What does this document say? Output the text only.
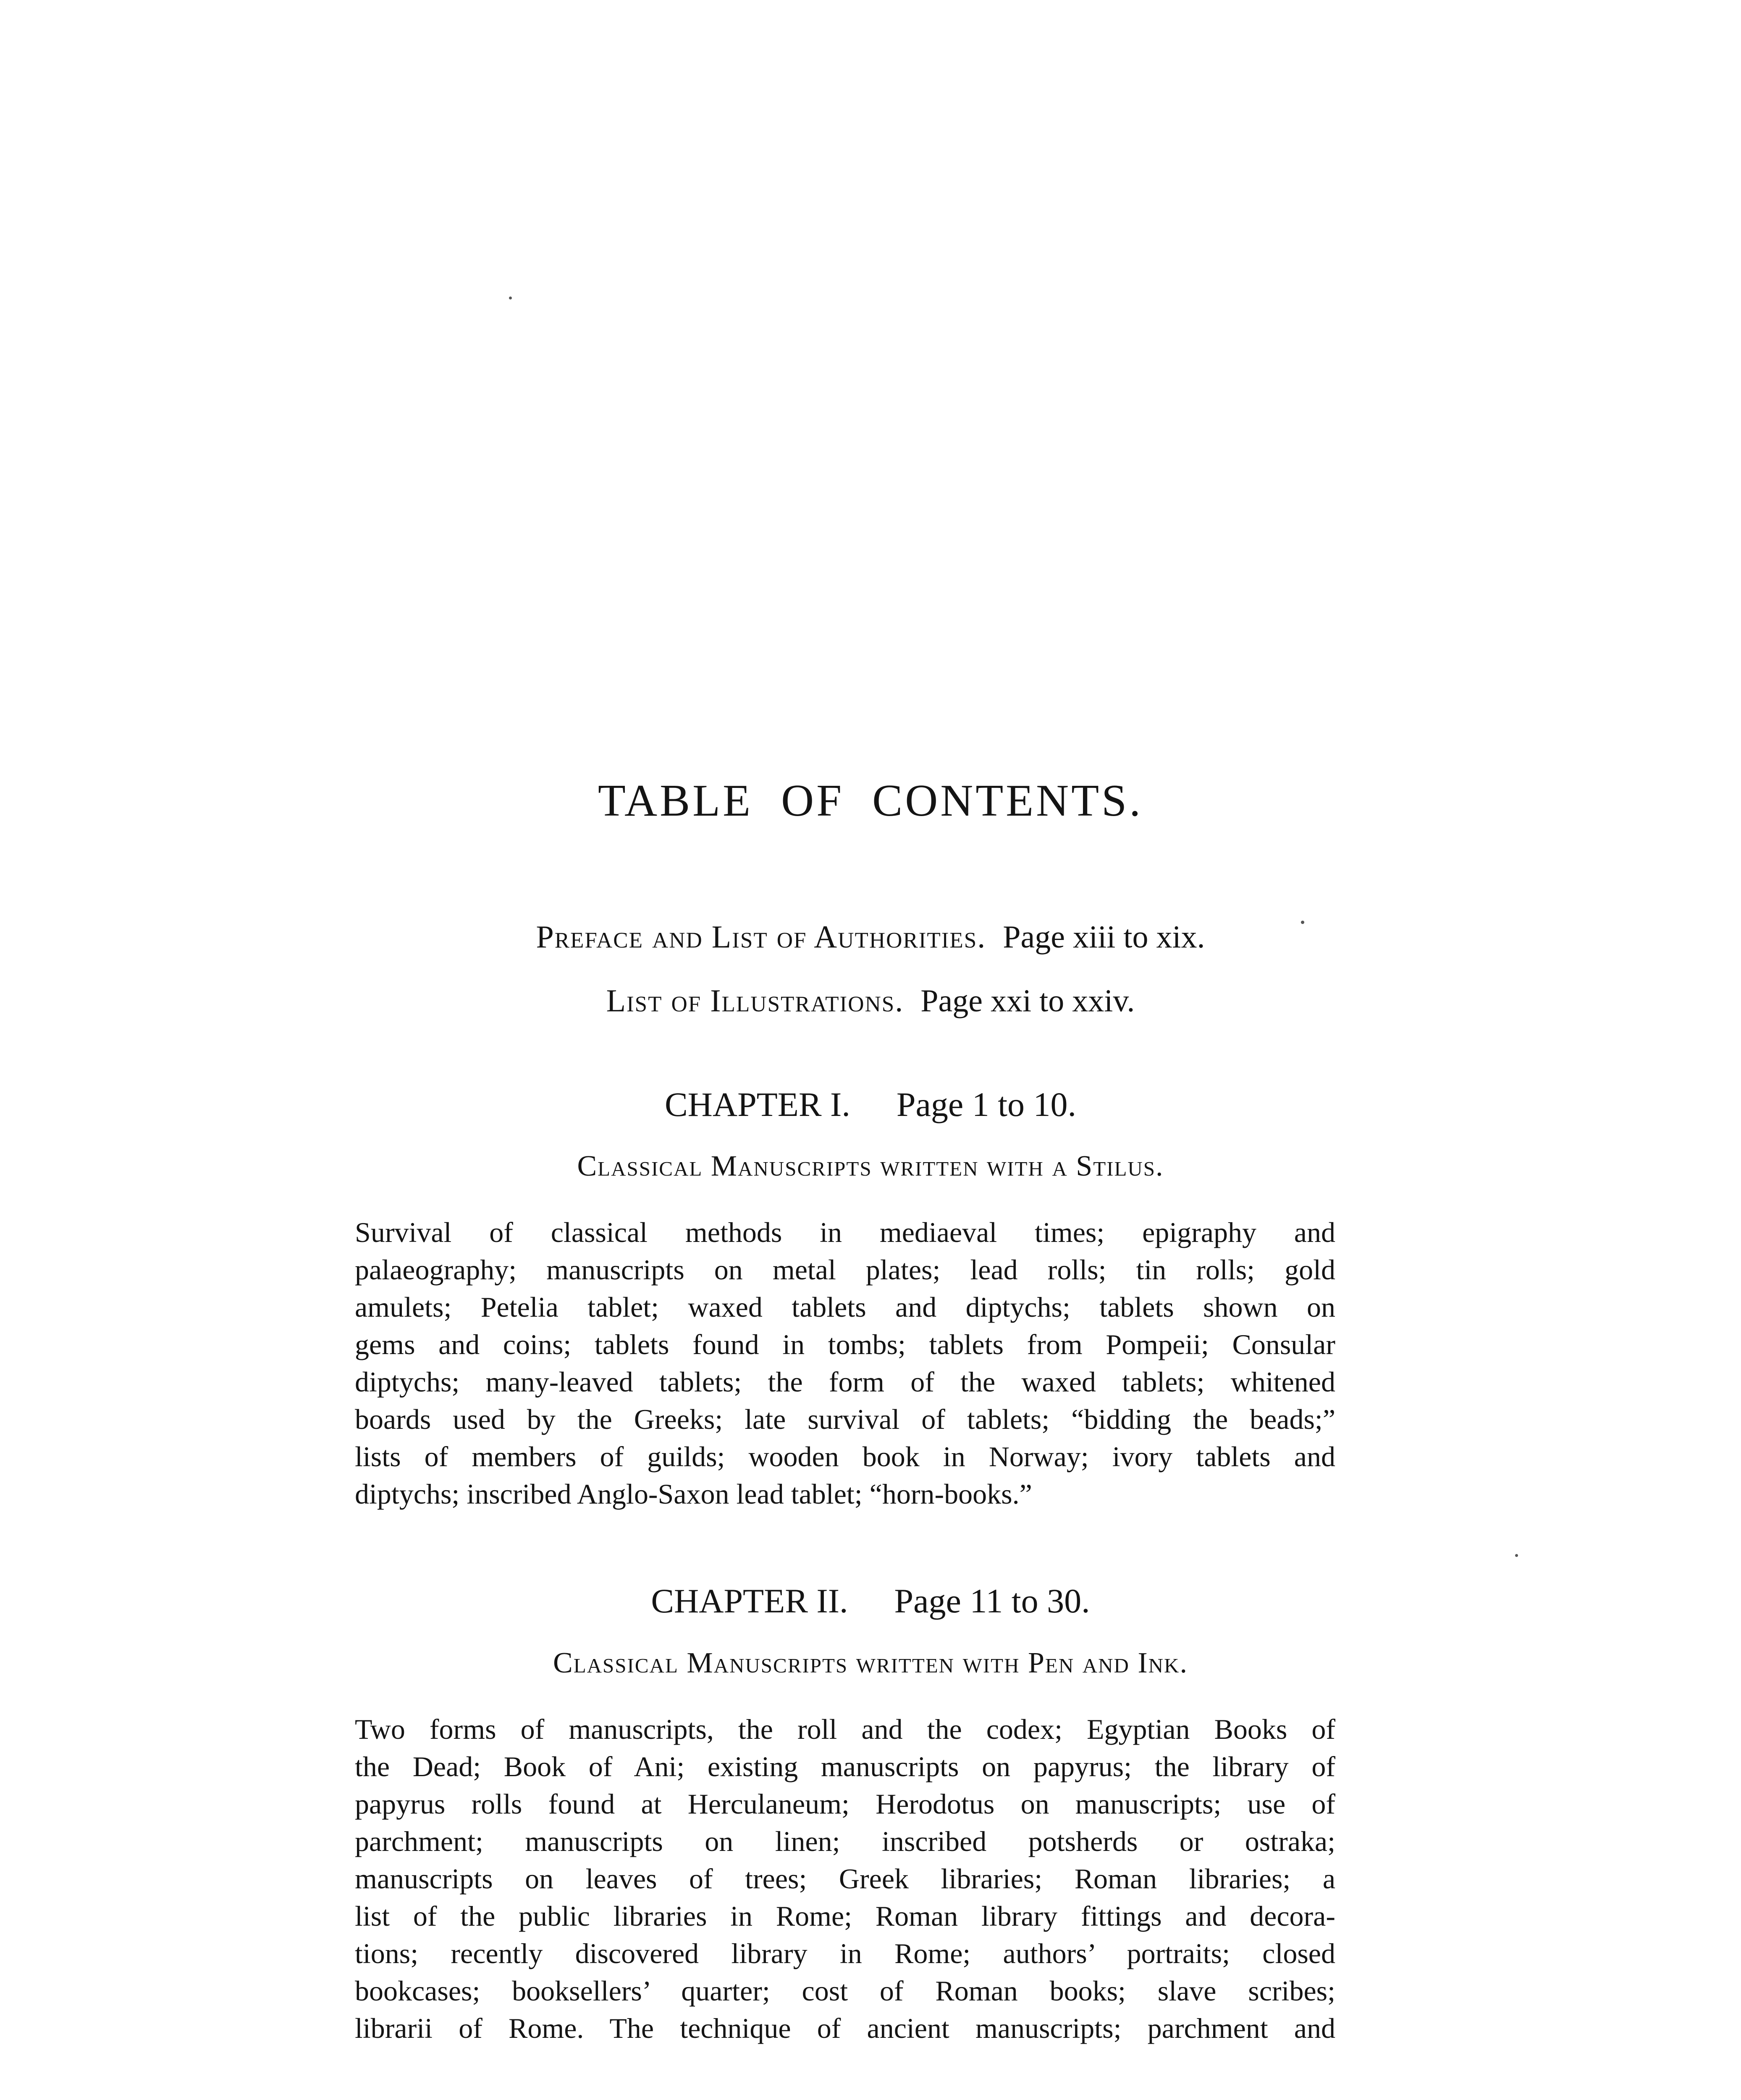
TABLE OF CONTENTS.
Preface and List of Authorities. Page xiii to xix.
List of Illustrations. Page xxi to xxiv.
CHAPTER I. Page 1 to 10.
Classical Manuscripts written with a Stilus.
Survival of classical methods in mediaeval times; epigraphy and
palaeography; manuscripts on metal plates; lead rolls; tin rolls; gold
amulets; Petelia tablet; waxed tablets and diptychs; tablets shown on
gems and coins; tablets found in tombs; tablets from Pompeii; Consular
diptychs; many-leaved tablets; the form of the waxed tablets; whitened
boards used by the Greeks; late survival of tablets; “bidding the beads;”
lists of members of guilds; wooden book in Norway; ivory tablets and
diptychs; inscribed Anglo-Saxon lead tablet; “horn-books.”
CHAPTER II. Page 11 to 30.
Classical Manuscripts written with Pen and Ink.
Two forms of manuscripts, the roll and the codex; Egyptian Books of
the Dead; Book of Ani; existing manuscripts on papyrus; the library of
papyrus rolls found at Herculaneum; Herodotus on manuscripts; use of
parchment; manuscripts on linen; inscribed potsherds or ostraka;
manuscripts on leaves of trees; Greek libraries; Roman libraries; a
list of the public libraries in Rome; Roman library fittings and decora-
tions; recently discovered library in Rome; authors’ portraits; closed
bookcases; booksellers’ quarter; cost of Roman books; slave scribes;
librarii of Rome. The technique of ancient manuscripts; parchment and
